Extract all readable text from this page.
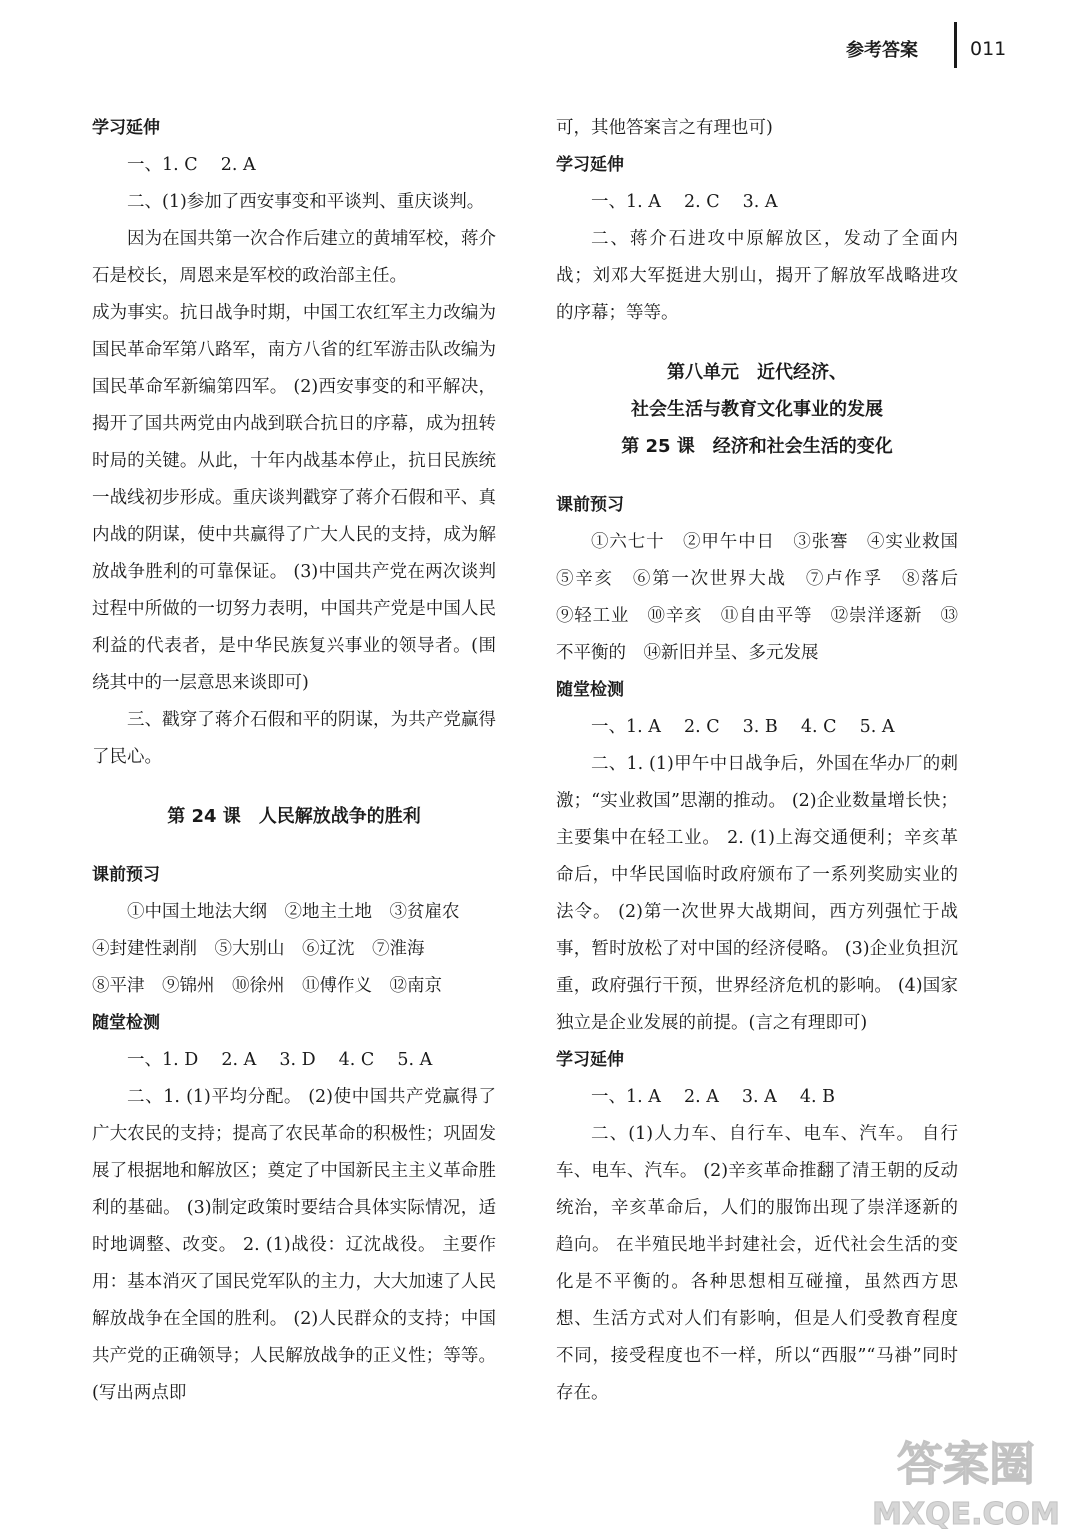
参考答案	011

学习延伸

一、1. C　 2. A

二、(1)参加了西安事变和平谈判、重庆谈判。

因为在国共第一次合作后建立的黄埔军校，蒋介石是校长，周恩来是军校的政治部主任。

成为事实。抗日战争时期，中国工农红军主力改编为国民革命军第八路军，南方八省的红军游击队改编为国民革命军新编第四军。 (2)西安事变的和平解决，揭开了国共两党由内战到联合抗日的序幕，成为扭转时局的关键。从此，十年内战基本停止，抗日民族统一战线初步形成。重庆谈判戳穿了蒋介石假和平、真内战的阴谋，使中共赢得了广大人民的支持，成为解放战争胜利的可靠保证。 (3)中国共产党在两次谈判过程中所做的一切努力表明，中国共产党是中国人民利益的代表者，是中华民族复兴事业的领导者。(围绕其中的一层意思来谈即可)

三、戳穿了蒋介石假和平的阴谋，为共产党赢得了民心。

第 24 课　人民解放战争的胜利

课前预习

①中国土地法大纲　②地主土地　③贫雇农

④封建性剥削　⑤大别山　⑥辽沈　⑦淮海

⑧平津　⑨锦州　⑩徐州　⑪傅作义　⑫南京

随堂检测

一、1. D　 2. A　 3. D　 4. C　 5. A

二、1. (1)平均分配。 (2)使中国共产党赢得了广大农民的支持；提高了农民革命的积极性；巩固发展了根据地和解放区；奠定了中国新民主主义革命胜利的基础。 (3)制定政策时要结合具体实际情况，适时地调整、改变。 2. (1)战役：辽沈战役。 主要作用：基本消灭了国民党军队的主力，大大加速了人民解放战争在全国的胜利。 (2)人民群众的支持；中国共产党的正确领导；人民解放战争的正义性；等等。(写出两点即

可，其他答案言之有理也可)

学习延伸

一、1. A　 2. C　 3. A

二、蒋介石进攻中原解放区，发动了全面内战；刘邓大军挺进大别山，揭开了解放军战略进攻的序幕；等等。

第八单元　近代经济、

社会生活与教育文化事业的发展

第 25 课　经济和社会生活的变化

课前预习

①六七十　②甲午中日　③张謇　④实业救国　⑤辛亥　⑥第一次世界大战　⑦卢作孚　⑧落后　⑨轻工业　⑩辛亥　⑪自由平等　⑫崇洋逐新　⑬不平衡的　⑭新旧并呈、多元发展

随堂检测

一、1. A　 2. C　 3. B　 4. C　 5. A

二、1. (1)甲午中日战争后，外国在华办厂的刺激；“实业救国”思潮的推动。 (2)企业数量增长快；主要集中在轻工业。 2. (1)上海交通便利；辛亥革命后，中华民国临时政府颁布了一系列奖励实业的法令。 (2)第一次世界大战期间，西方列强忙于战事，暂时放松了对中国的经济侵略。 (3)企业负担沉重，政府强行干预，世界经济危机的影响。 (4)国家独立是企业发展的前提。(言之有理即可)

学习延伸

一、1. A　 2. A　 3. A　 4. B

二、(1)人力车、自行车、电车、汽车。 自行车、电车、汽车。 (2)辛亥革命推翻了清王朝的反动统治，辛亥革命后，人们的服饰出现了崇洋逐新的趋向。 在半殖民地半封建社会，近代社会生活的变化是不平衡的。各种思想相互碰撞，虽然西方思想、生活方式对人们有影响，但是人们受教育程度不同，接受程度也不一样，所以“西服”“马褂”同时存在。

答案圈
MXQE.COM
